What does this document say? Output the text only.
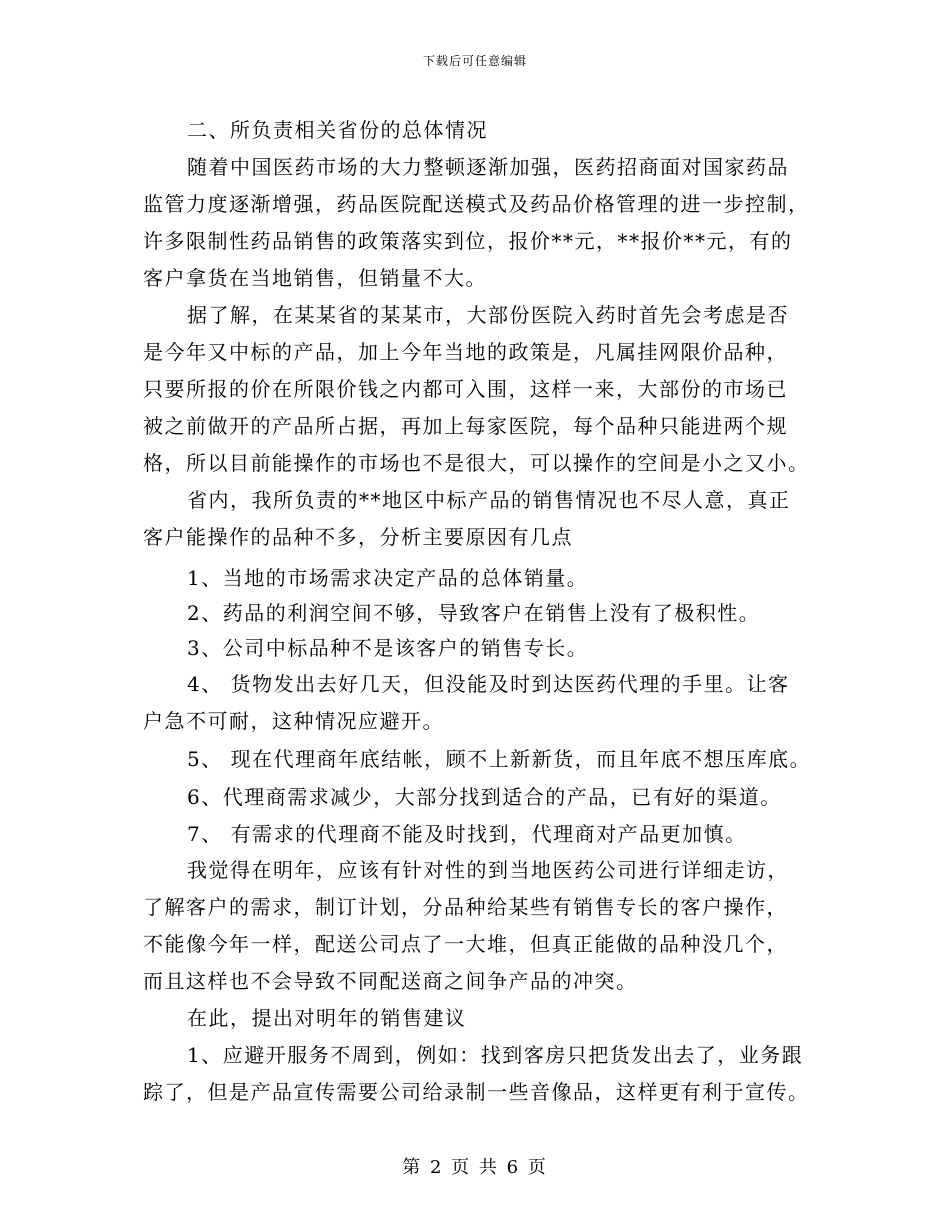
下载后可任意编辑
二、所负责相关省份的总体情况
随着中国医药市场的大力整顿逐渐加强，医药招商面对国家药品
监管力度逐渐增强，药品医院配送模式及药品价格管理的进一步控制，
许多限制性药品销售的政策落实到位，报价**元，**报价**元，有的
客户拿货在当地销售，但销量不大。
据了解，在某某省的某某市，大部份医院入药时首先会考虑是否
是今年又中标的产品，加上今年当地的政策是，凡属挂网限价品种，
只要所报的价在所限价钱之内都可入围，这样一来，大部份的市场已
被之前做开的产品所占据，再加上每家医院，每个品种只能进两个规
格，所以目前能操作的市场也不是很大，可以操作的空间是小之又小。
省内，我所负责的**地区中标产品的销售情况也不尽人意，真正
客户能操作的品种不多，分析主要原因有几点
1、当地的市场需求决定产品的总体销量。
2、药品的利润空间不够，导致客户在销售上没有了极积性。
3、公司中标品种不是该客户的销售专长。
4、 货物发出去好几天，但没能及时到达医药代理的手里。让客
户急不可耐，这种情况应避开。
5、 现在代理商年底结帐，顾不上新新货，而且年底不想压库底。
6、代理商需求减少，大部分找到适合的产品，已有好的渠道。
7、 有需求的代理商不能及时找到，代理商对产品更加慎。
我觉得在明年，应该有针对性的到当地医药公司进行详细走访，
了解客户的需求，制订计划，分品种给某些有销售专长的客户操作，
不能像今年一样，配送公司点了一大堆，但真正能做的品种没几个，
而且这样也不会导致不同配送商之间争产品的冲突。
在此，提出对明年的销售建议
1、应避开服务不周到，例如：找到客房只把货发出去了，业务跟
踪了，但是产品宣传需要公司给录制一些音像品，这样更有利于宣传。
第 2 页 共 6 页
